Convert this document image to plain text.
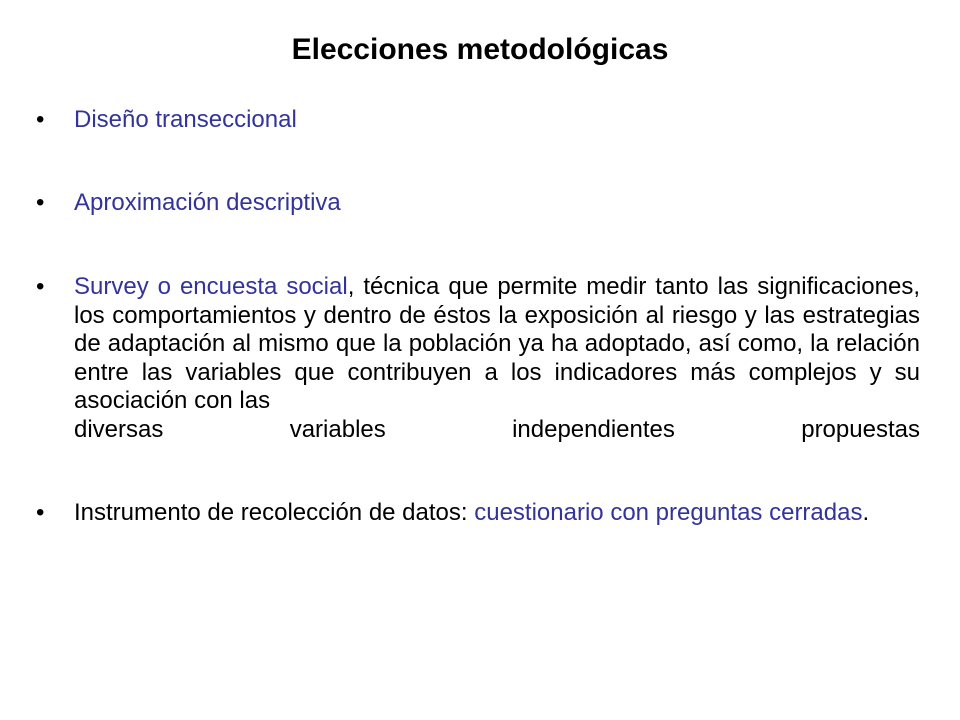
Elecciones metodológicas
•	Diseño transeccional
•	Aproximación descriptiva
•	Survey o encuesta social, técnica que permite medir tanto las significaciones, los comportamientos y dentro de éstos la exposición al riesgo y las estrategias de adaptación al mismo que la población ya ha adoptado, así como, la relación entre las variables que contribuyen a los indicadores más complejos y su asociación con las
diversas	variables	independientes	propuestas
•	Instrumento de recolección de datos: cuestionario con preguntas cerradas.
